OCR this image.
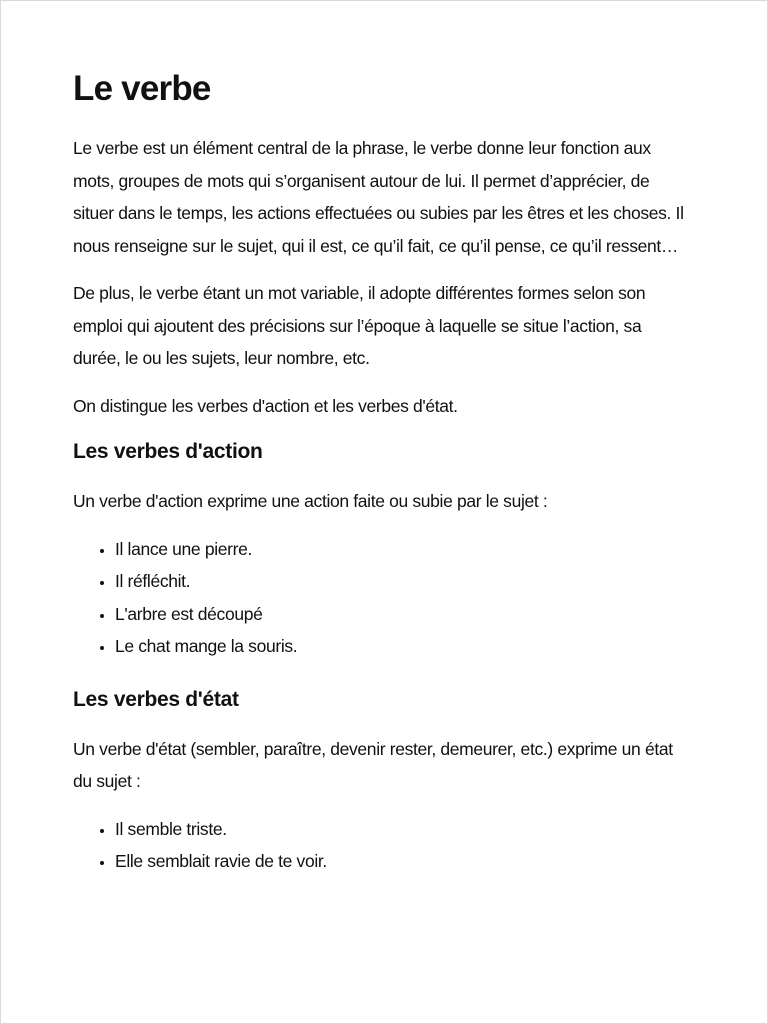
Le verbe

Le verbe est un élément central de la phrase, le verbe donne leur fonction aux mots, groupes de mots qui s’organisent autour de lui. Il permet d’apprécier, de situer dans le temps, les actions effectuées ou subies par les êtres et les choses. Il nous renseigne sur le sujet, qui il est, ce qu’il fait, ce qu’il pense, ce qu’il ressent…

De plus, le verbe étant un mot variable, il adopte différentes formes selon son emploi qui ajoutent des précisions sur l’époque à laquelle se situe l’action, sa durée, le ou les sujets, leur nombre, etc.

On distingue les verbes d'action et les verbes d'état.

Les verbes d'action

Un verbe d'action exprime une action faite ou subie par le sujet :

• Il lance une pierre.
• Il réfléchit.
• L'arbre est découpé
• Le chat mange la souris.
Les verbes d'état

Un verbe d'état (sembler, paraître, devenir rester, demeurer, etc.) exprime un état du sujet :

• Il semble triste.
• Elle semblait ravie de te voir.
